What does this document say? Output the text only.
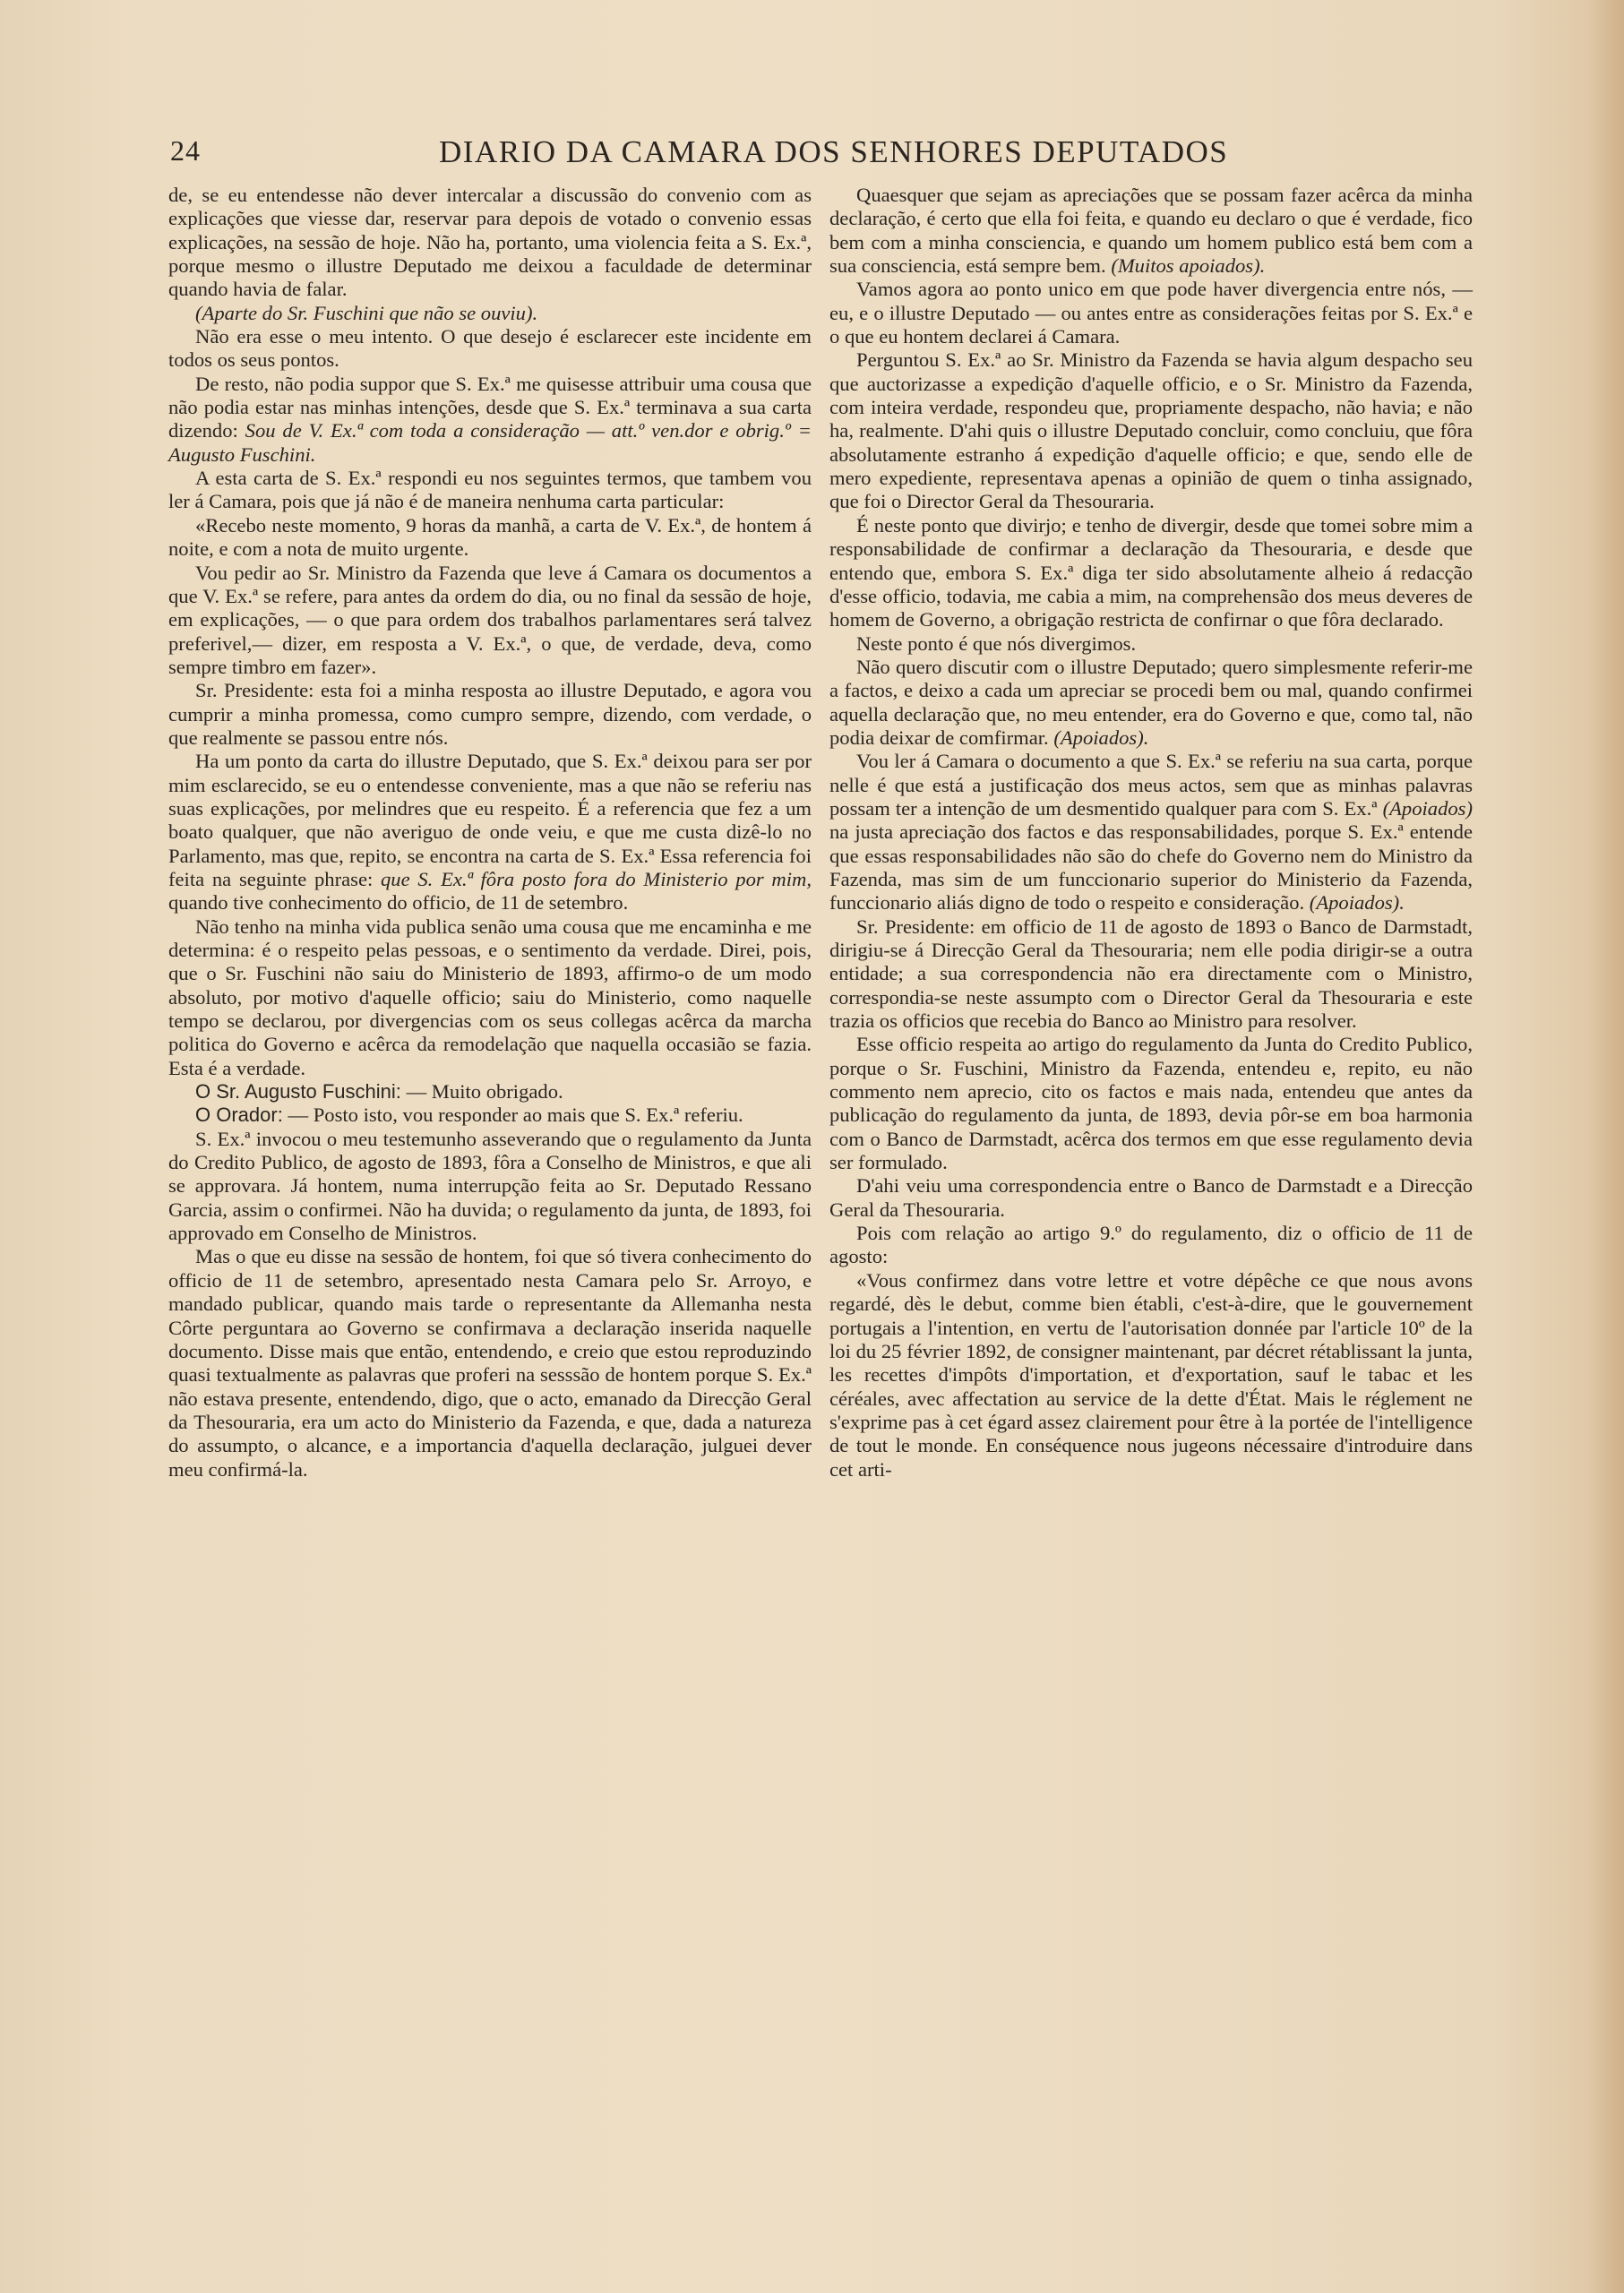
24	DIARIO DA CAMARA DOS SENHORES DEPUTADOS

de, se eu entendesse não dever intercalar a discussão do convenio com as explicações que viesse dar, reservar para depois de votado o convenio essas explicações, na sessão de hoje. Não ha, portanto, uma violencia feita a S. Ex.ª, porque mesmo o illustre Deputado me deixou a faculdade de determinar quando havia de falar.

(Aparte do Sr. Fuschini que não se ouviu).

Não era esse o meu intento. O que desejo é esclarecer este incidente em todos os seus pontos.

De resto, não podia suppor que S. Ex.ª me quisesse attribuir uma cousa que não podia estar nas minhas intenções, desde que S. Ex.ª terminava a sua carta dizendo: Sou de V. Ex.ª com toda a consideração — att.º ven.dor e obrig.º = Augusto Fuschini.

A esta carta de S. Ex.ª respondi eu nos seguintes termos, que tambem vou ler á Camara, pois que já não é de maneira nenhuma carta particular:

«Recebo neste momento, 9 horas da manhã, a carta de V. Ex.ª, de hontem á noite, e com a nota de muito urgente.

Vou pedir ao Sr. Ministro da Fazenda que leve á Camara os documentos a que V. Ex.ª se refere, para antes da ordem do dia, ou no final da sessão de hoje, em explicações, — o que para ordem dos trabalhos parlamentares será talvez preferivel,— dizer, em resposta a V. Ex.ª, o que, de verdade, deva, como sempre timbro em fazer».

Sr. Presidente: esta foi a minha resposta ao illustre Deputado, e agora vou cumprir a minha promessa, como cumpro sempre, dizendo, com verdade, o que realmente se passou entre nós.

Ha um ponto da carta do illustre Deputado, que S. Ex.ª deixou para ser por mim esclarecido, se eu o entendesse conveniente, mas a que não se referiu nas suas explicações, por melindres que eu respeito. É a referencia que fez a um boato qualquer, que não averiguo de onde veiu, e que me custa dizê-lo no Parlamento, mas que, repito, se encontra na carta de S. Ex.ª Essa referencia foi feita na seguinte phrase: que S. Ex.ª fôra posto fora do Ministerio por mim, quando tive conhecimento do officio, de 11 de setembro.

Não tenho na minha vida publica senão uma cousa que me encaminha e me determina: é o respeito pelas pessoas, e o sentimento da verdade. Direi, pois, que o Sr. Fuschini não saiu do Ministerio de 1893, affirmo-o de um modo absoluto, por motivo d'aquelle officio; saiu do Ministerio, como naquelle tempo se declarou, por divergencias com os seus collegas acêrca da marcha politica do Governo e acêrca da remodelação que naquella occasião se fazia. Esta é a verdade.

O Sr. Augusto Fuschini: — Muito obrigado.

O Orador: — Posto isto, vou responder ao mais que S. Ex.ª referiu.

S. Ex.ª invocou o meu testemunho asseverando que o regulamento da Junta do Credito Publico, de agosto de 1893, fôra a Conselho de Ministros, e que ali se approvara. Já hontem, numa interrupção feita ao Sr. Deputado Ressano Garcia, assim o confirmei. Não ha duvida; o regulamento da junta, de 1893, foi approvado em Conselho de Ministros.

Mas o que eu disse na sessão de hontem, foi que só tivera conhecimento do officio de 11 de setembro, apresentado nesta Camara pelo Sr. Arroyo, e mandado publicar, quando mais tarde o representante da Allemanha nesta Côrte perguntara ao Governo se confirmava a declaração inserida naquelle documento. Disse mais que então, entendendo, e creio que estou reproduzindo quasi textualmente as palavras que proferi na sesssão de hontem porque S. Ex.ª não estava presente, entendendo, digo, que o acto, emanado da Direcção Geral da Thesouraria, era um acto do Ministerio da Fazenda, e que, dada a natureza do assumpto, o alcance, e a importancia d'aquella declaração, julguei dever meu confirmá-la.

Quaesquer que sejam as apreciações que se possam fazer acêrca da minha declaração, é certo que ella foi feita, e quando eu declaro o que é verdade, fico bem com a minha consciencia, e quando um homem publico está bem com a sua consciencia, está sempre bem. (Muitos apoiados).

Vamos agora ao ponto unico em que pode haver divergencia entre nós, — eu, e o illustre Deputado — ou antes entre as considerações feitas por S. Ex.ª e o que eu hontem declarei á Camara.

Perguntou S. Ex.ª ao Sr. Ministro da Fazenda se havia algum despacho seu que auctorizasse a expedição d'aquelle officio, e o Sr. Ministro da Fazenda, com inteira verdade, respondeu que, propriamente despacho, não havia; e não ha, realmente. D'ahi quis o illustre Deputado concluir, como concluiu, que fôra absolutamente estranho á expedição d'aquelle officio; e que, sendo elle de mero expediente, representava apenas a opinião de quem o tinha assignado, que foi o Director Geral da Thesouraria.

É neste ponto que divirjo; e tenho de divergir, desde que tomei sobre mim a responsabilidade de confirmar a declaração da Thesouraria, e desde que entendo que, embora S. Ex.ª diga ter sido absolutamente alheio á redacção d'esse officio, todavia, me cabia a mim, na comprehensão dos meus deveres de homem de Governo, a obrigação restricta de confirnar o que fôra declarado.

Neste ponto é que nós divergimos.

Não quero discutir com o illustre Deputado; quero simplesmente referir-me a factos, e deixo a cada um apreciar se procedi bem ou mal, quando confirmei aquella declaração que, no meu entender, era do Governo e que, como tal, não podia deixar de comfirmar. (Apoiados).

Vou ler á Camara o documento a que S. Ex.ª se referiu na sua carta, porque nelle é que está a justificação dos meus actos, sem que as minhas palavras possam ter a intenção de um desmentido qualquer para com S. Ex.ª (Apoiados) na justa apreciação dos factos e das responsabilidades, porque S. Ex.ª entende que essas responsabilidades não são do chefe do Governo nem do Ministro da Fazenda, mas sim de um funccionario superior do Ministerio da Fazenda, funccionario aliás digno de todo o respeito e consideração. (Apoiados).

Sr. Presidente: em officio de 11 de agosto de 1893 o Banco de Darmstadt, dirigiu-se á Direcção Geral da Thesouraria; nem elle podia dirigir-se a outra entidade; a sua correspondencia não era directamente com o Ministro, correspondia-se neste assumpto com o Director Geral da Thesouraria e este trazia os officios que recebia do Banco ao Ministro para resolver.

Esse officio respeita ao artigo do regulamento da Junta do Credito Publico, porque o Sr. Fuschini, Ministro da Fazenda, entendeu e, repito, eu não commento nem aprecio, cito os factos e mais nada, entendeu que antes da publicação do regulamento da junta, de 1893, devia pôr-se em boa harmonia com o Banco de Darmstadt, acêrca dos termos em que esse regulamento devia ser formulado.

D'ahi veiu uma correspondencia entre o Banco de Darmstadt e a Direcção Geral da Thesouraria.

Pois com relação ao artigo 9.º do regulamento, diz o officio de 11 de agosto:

«Vous confirmez dans votre lettre et votre dépêche ce que nous avons regardé, dès le debut, comme bien établi, c'est-à-dire, que le gouvernement portugais a l'intention, en vertu de l'autorisation donnée par l'article 10º de la loi du 25 février 1892, de consigner maintenant, par décret rétablissant la junta, les recettes d'impôts d'importation, et d'exportation, sauf le tabac et les céréales, avec affectation au service de la dette d'État. Mais le réglement ne s'exprime pas à cet égard assez clairement pour être à la portée de l'intelligence de tout le monde. En conséquence nous jugeons nécessaire d'introduire dans cet arti-
